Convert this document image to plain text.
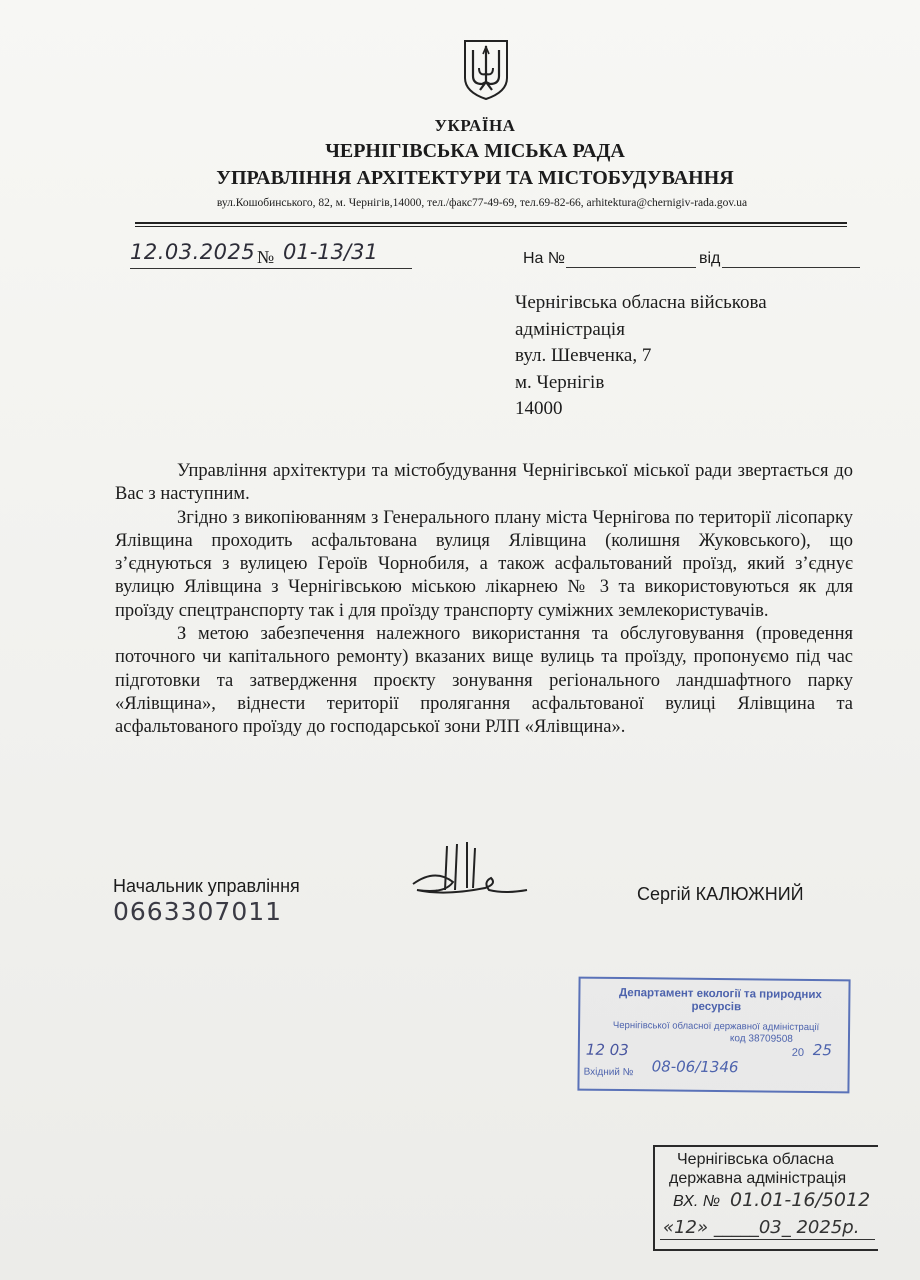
УКРАЇНА
ЧЕРНІГІВСЬКА МІСЬКА РАДА
УПРАВЛІННЯ АРХІТЕКТУРИ ТА МІСТОБУДУВАННЯ
вул.Кошобинського, 82, м. Чернігів,14000, тел./факс77-49-69, тел.69-82-66, arhitektura@chernigiv-rada.gov.ua
12.03.2025 № 01-13/31	На №	від
Чернігівська обласна військова
адміністрація
вул. Шевченка, 7
м. Чернігів
14000

Управління архітектури та містобудування Чернігівської міської ради звертається до Вас з наступним.

Згідно з викопіюванням з Генерального плану міста Чернігова по території лісопарку Ялівщина проходить асфальтована вулиця Ялівщина (колишня Жуковського), що з’єднуються з вулицею Героїв Чорнобиля, а також асфальтований проїзд, який з’єднує вулицю Ялівщина з Чернігівською міською лікарнею № 3 та використовуються як для проїзду спецтранспорту так і для проїзду транспорту суміжних землекористувачів.

З метою забезпечення належного використання та обслуговування (проведення поточного чи капітального ремонту) вказаних вище вулиць та проїзду, пропонуємо під час підготовки та затвердження проєкту зонування регіонального ландшафтного парку «Ялівщина», віднести території пролягання асфальтованої вулиці Ялівщина та асфальтованого проїзду до господарської зони РЛП «Ялівщина».

Начальник управління
0663307011
Сергій КАЛЮЖНИЙ
Департамент екології та природних
ресурсів
Чернігівської обласної державної адміністрації
код 38709508
12 03	20 25
Вхідний № 08-06/1346
Чернігівська обласна
державна адміністрація
ВХ. № 01.01-16/5012
«12» _____03_ 2025р.
